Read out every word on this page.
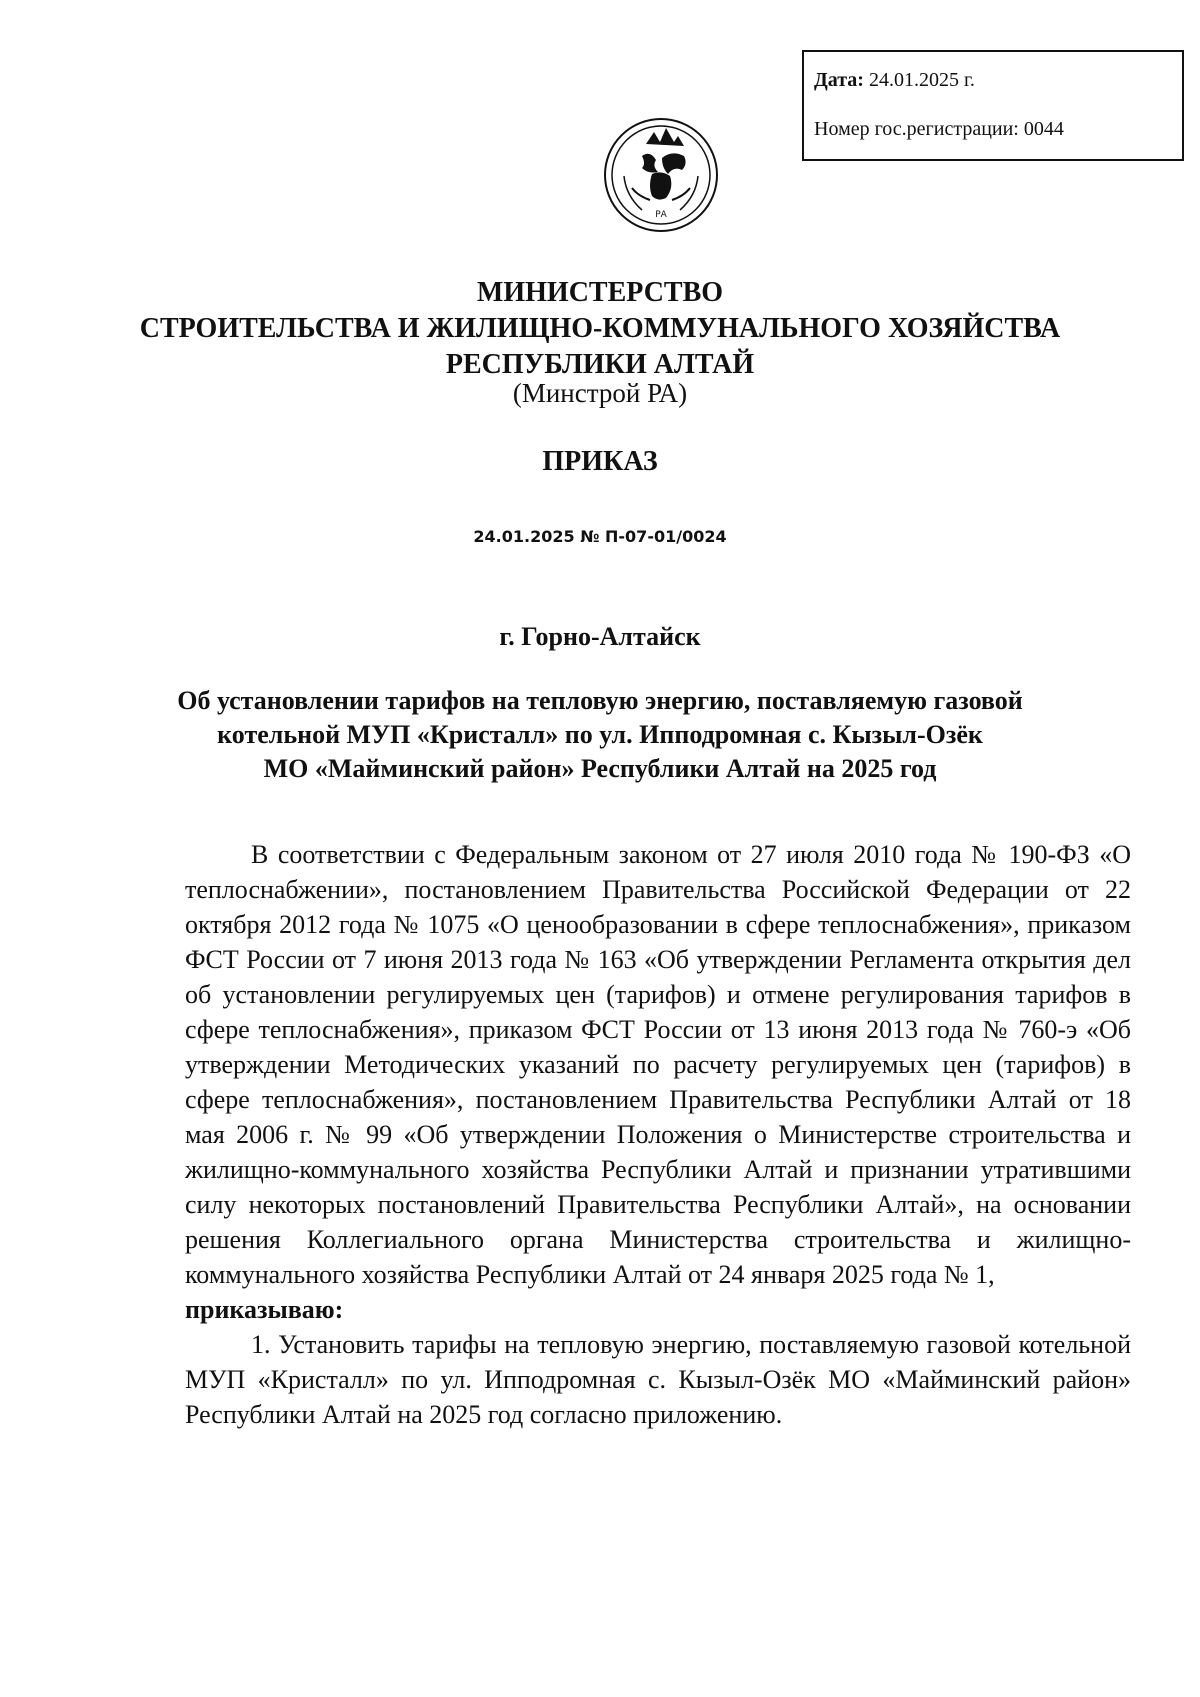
Дата: 24.01.2025 г.

Номер гос.регистрации: 0044

РА
МИНИСТЕРСТВО
СТРОИТЕЛЬСТВА И ЖИЛИЩНО-КОММУНАЛЬНОГО ХОЗЯЙСТВА
РЕСПУБЛИКИ АЛТАЙ
(Минстрой РА)
ПРИКАЗ
24.01.2025 № П-07-01/0024
г. Горно-Алтайск
Об установлении тарифов на тепловую энергию, поставляемую газовой
котельной МУП «Кристалл» по ул. Ипподромная с. Кызыл-Озёк
МО «Майминский район» Республики Алтай на 2025 год

В соответствии с Федеральным законом от 27 июля 2010 года № 190-ФЗ «О теплоснабжении», постановлением Правительства Российской Федерации от 22 октября 2012 года № 1075 «О ценообразовании в сфере теплоснабжения», приказом ФСТ России от 7 июня 2013 года № 163 «Об утверждении Регламента открытия дел об установлении регулируемых цен (тарифов) и отмене регулирования тарифов в сфере теплоснабжения», приказом ФСТ России от 13 июня 2013 года № 760-э «Об утверждении Методических указаний по расчету регулируемых цен (тарифов) в сфере теплоснабжения», постановлением Правительства Республики Алтай от 18 мая 2006 г. № 99 «Об утверждении Положения о Министерстве строительства и жилищно-коммунального хозяйства Республики Алтай и признании утратившими силу некоторых постановлений Правительства Республики Алтай», на основании решения Коллегиального органа Министерства строительства и жилищно-коммунального хозяйства Республики Алтай от 24 января 2025 года № 1,

приказываю:

1. Установить тарифы на тепловую энергию, поставляемую газовой котельной МУП «Кристалл» по ул. Ипподромная с. Кызыл-Озёк МО «Майминский район» Республики Алтай на 2025 год согласно приложению.
